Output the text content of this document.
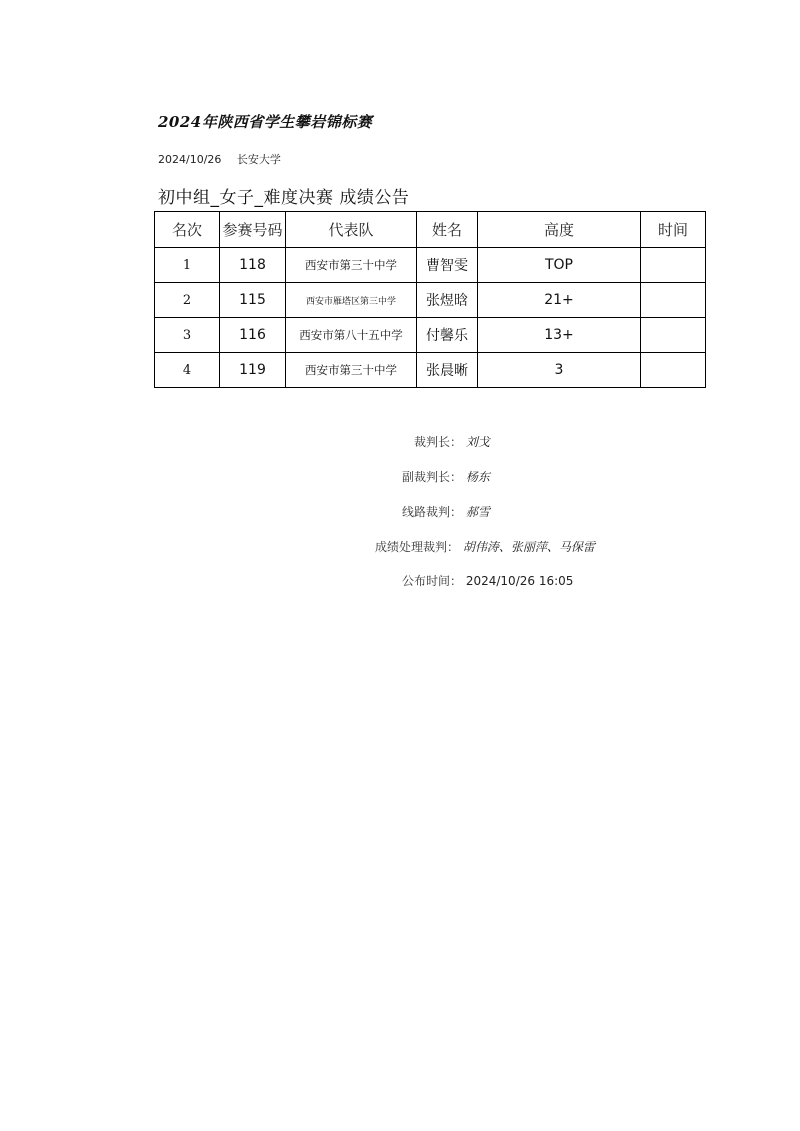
2024年陕西省学生攀岩锦标赛
2024/10/26 长安大学
初中组_女子_难度决赛 成绩公告
名次	参赛号码	代表队	姓名	高度	时间
1	118	西安市第三十中学	曹智雯	TOP	
2	115	西安市雁塔区第三中学	张煜晗	21+	
3	116	西安市第八十五中学	付馨乐	13+	
4	119	西安市第三十中学	张晨晰	3	
裁判长： 刘戈
副裁判长： 杨东
线路裁判： 郝雪
成绩处理裁判： 胡伟涛、张丽萍、马保雷
公布时间： 2024/10/26 16:05
